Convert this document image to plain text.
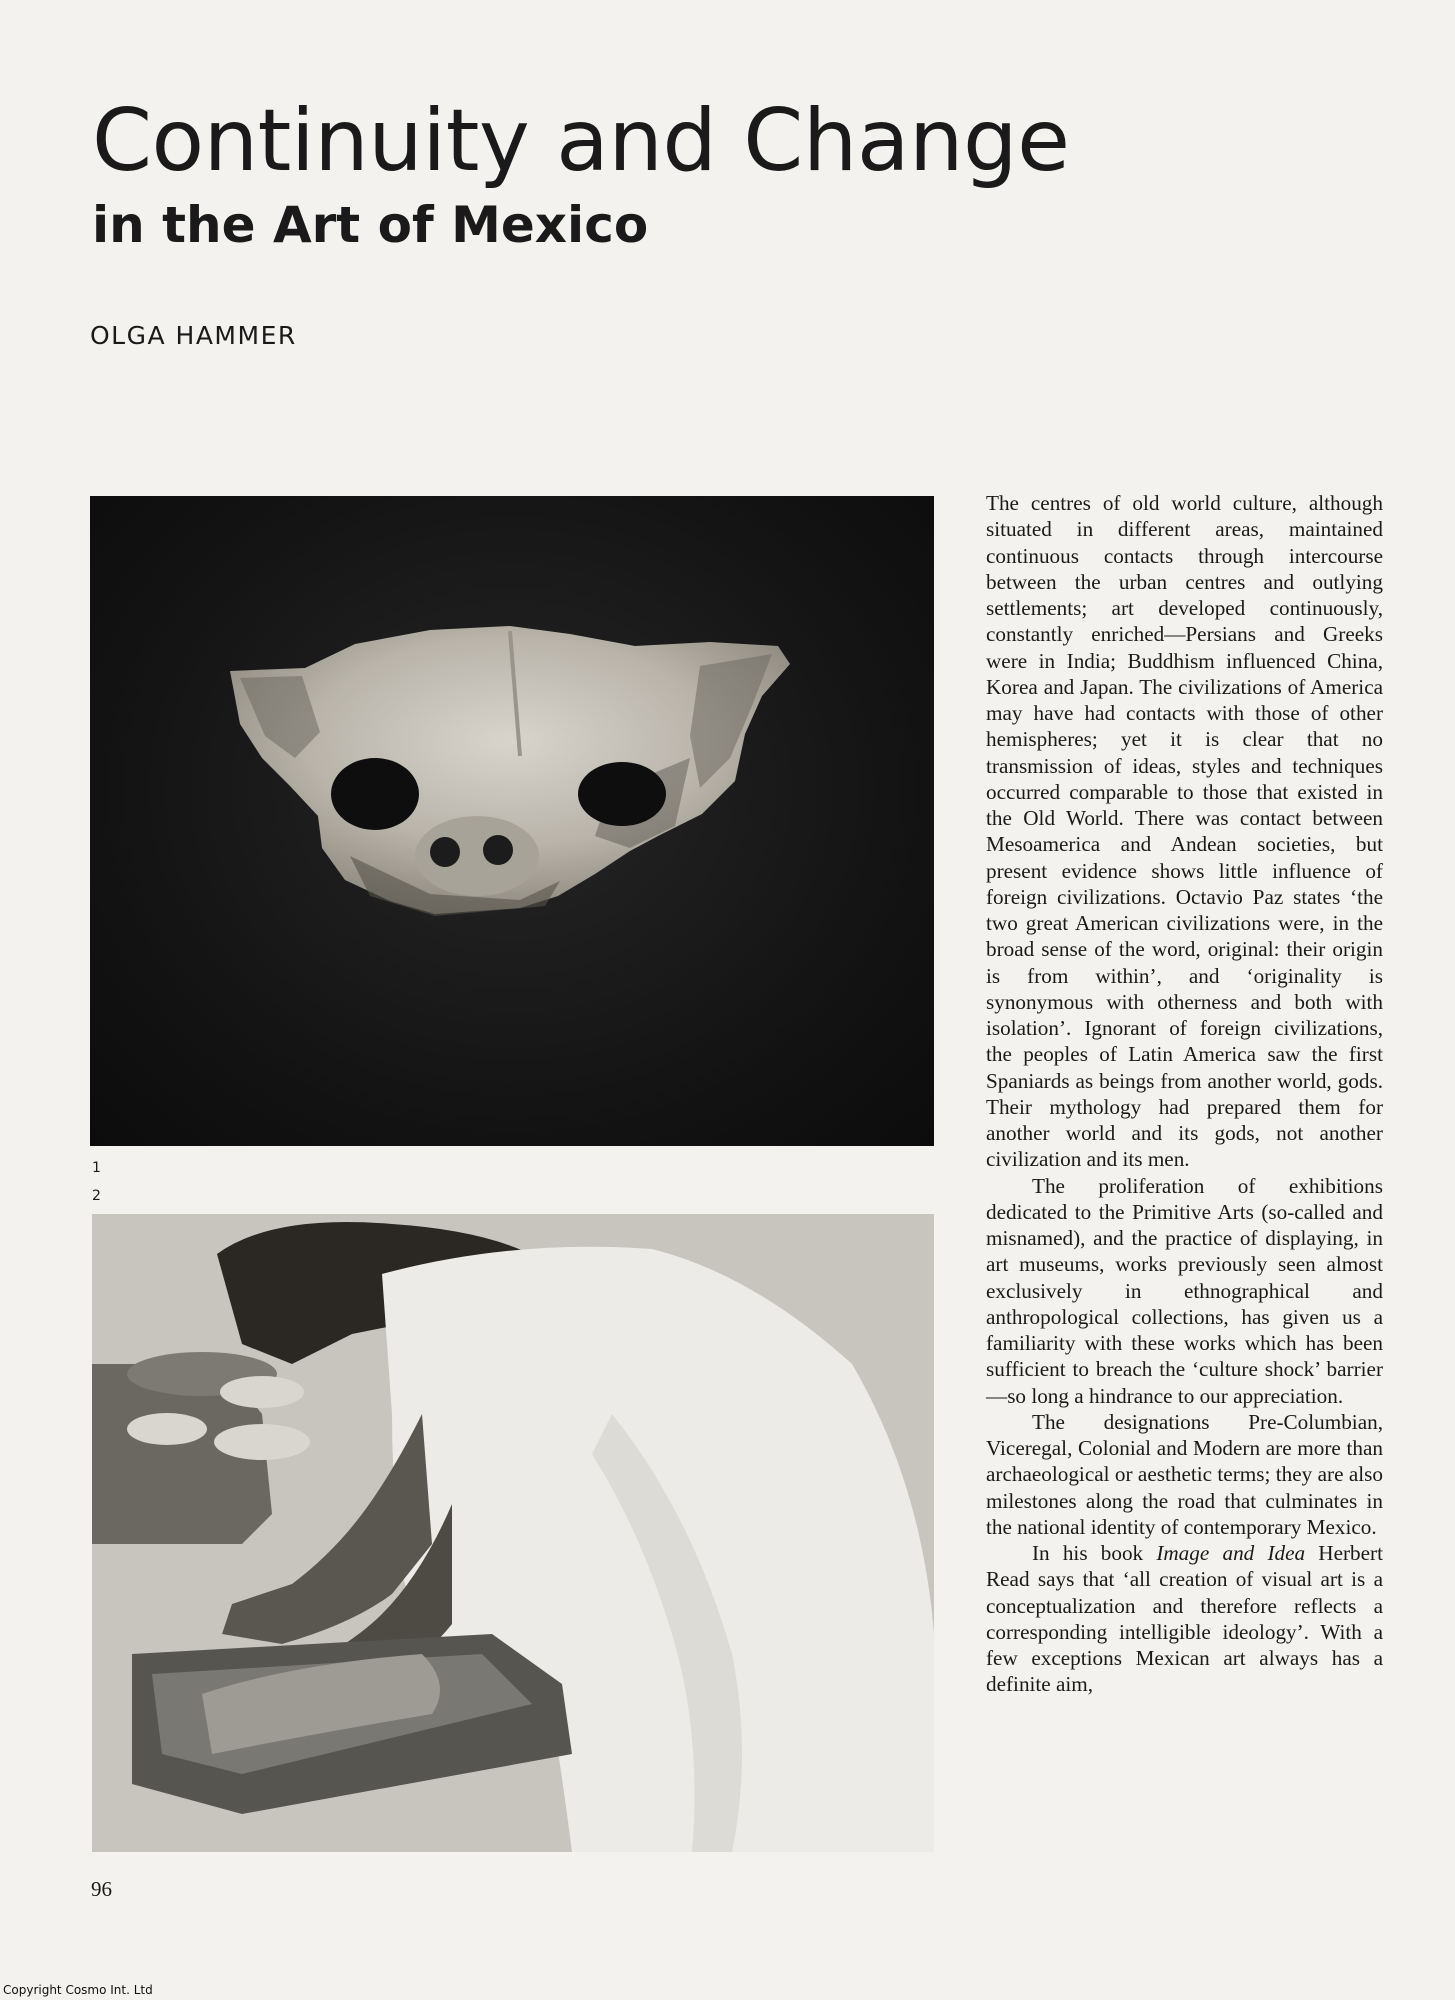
Continuity and Change
in the Art of Mexico

OLGA HAMMER

1

2

The centres of old world culture, although situated in different areas, maintained continuous contacts through intercourse between the urban centres and outlying settlements; art developed continuously, constantly enriched—Persians and Greeks were in India; Buddhism influenced China, Korea and Japan. The civilizations of America may have had contacts with those of other hemispheres; yet it is clear that no transmission of ideas, styles and techniques occurred comparable to those that existed in the Old World. There was contact between Mesoamerica and Andean societies, but present evidence shows little influence of foreign civilizations. Octavio Paz states ‘the two great American civilizations were, in the broad sense of the word, original: their origin is from within’, and ‘originality is synonymous with otherness and both with isolation’. Ignorant of foreign civilizations, the peoples of Latin America saw the first Spaniards as beings from another world, gods. Their mythology had prepared them for another world and its gods, not another civilization and its men.

The proliferation of exhibitions dedicated to the Primitive Arts (so-called and misnamed), and the practice of displaying, in art museums, works previously seen almost exclusively in ethnographical and anthropological collections, has given us a familiarity with these works which has been sufficient to breach the ‘culture shock’ barrier—so long a hindrance to our appreciation.

The designations Pre-Columbian, Viceregal, Colonial and Modern are more than archaeological or aesthetic terms; they are also milestones along the road that culminates in the national identity of contemporary Mexico.

In his book Image and Idea Herbert Read says that ‘all creation of visual art is a conceptualization and therefore reflects a corresponding intelligible ideology’. With a few exceptions Mexican art always has a definite aim,

96

Copyright Cosmo Int. Ltd
